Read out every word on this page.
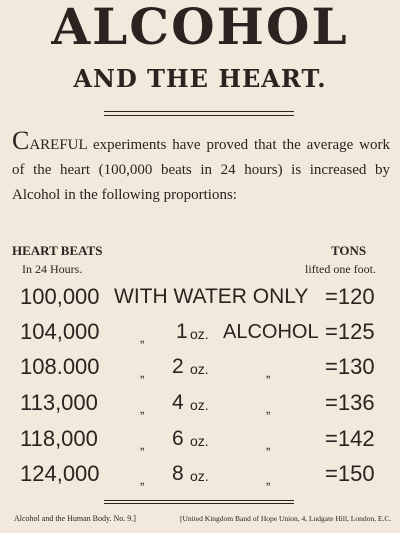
ALCOHOL
AND THE HEART.
CAREFUL experiments have proved that the average work of the heart (100,000 beats in 24 hours) is increased by Alcohol in the following proportions:
HEART BEATS
In 24 Hours.
TONS
lifted one foot.
100,000 WITH WATER ONLY =120
104,000	„ 1 oz. ALCOHOL =125
108.000	„ 2 oz.	„ =130
113,000	„ 4 oz.	„ =136
118,000	„ 6 oz.	„ =142
124,000	„ 8 oz.	„ =150
Alcohol and the Human Body. No. 9.]	[United Kingdom Band of Hope Union, 4, Ludgate Hill, London, E.C.
